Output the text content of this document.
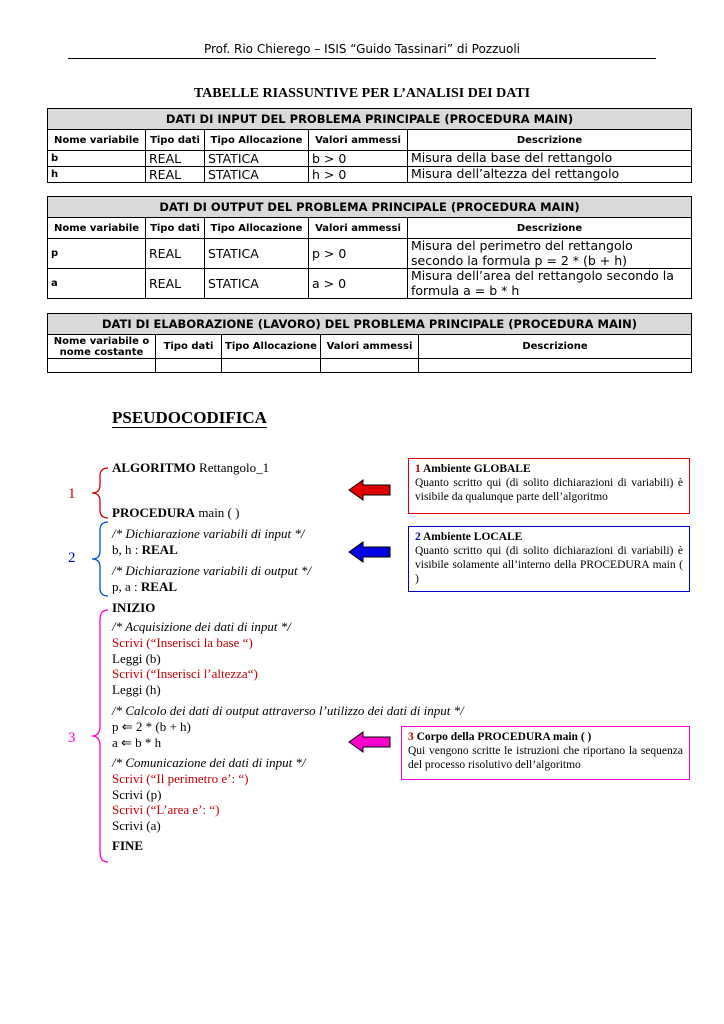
Prof. Rio Chierego – ISIS “Guido Tassinari” di Pozzuoli
TABELLE RIASSUNTIVE PER L’ANALISI DEI DATI
DATI DI INPUT DEL PROBLEMA PRINCIPALE (PROCEDURA MAIN)				
Nome variabile	Tipo dati	Tipo Allocazione	Valori ammessi	Descrizione
b	REAL	STATICA	b > 0	Misura della base del rettangolo
h	REAL	STATICA	h > 0	Misura dell’altezza del rettangolo
DATI DI OUTPUT DEL PROBLEMA PRINCIPALE (PROCEDURA MAIN)				
Nome variabile	Tipo dati	Tipo Allocazione	Valori ammessi	Descrizione
p	REAL	STATICA	p > 0	Misura del perimetro del rettangolo secondo la formula p = 2 * (b + h)
a	REAL	STATICA	a > 0	Misura dell’area del rettangolo secondo la formula a = b * h
DATI DI ELABORAZIONE (LAVORO) DEL PROBLEMA PRINCIPALE (PROCEDURA MAIN)				
Nome variabile o nome costante	Tipo dati	Tipo Allocazione	Valori ammessi	Descrizione

PSEUDOCODIFICA
ALGORITMO Rettangolo_1
PROCEDURA main ( )
/* Dichiarazione variabili di input */
b, h : REAL
/* Dichiarazione variabili di output */
p, a : REAL
INIZIO
/* Acquisizione dei dati di input */
Scrivi (“Inserisci la base “)
Leggi (b)
Scrivi (“Inserisci l’altezza“)
Leggi (h)
/* Calcolo dei dati di output attraverso l’utilizzo dei dati di input */
p ⇐ 2 * (b + h)
a ⇐ b * h
/* Comunicazione dei dati di input */
Scrivi (“Il perimetro e’: “)
Scrivi (p)
Scrivi (“L’area e’: “)
Scrivi (a)
FINE
1
2
3
1 Ambiente GLOBALE

Quanto scritto qui (di solito dichiarazioni di variabili) è visibile da qualunque parte dell’algoritmo

2 Ambiente LOCALE

Quanto scritto qui (di solito dichiarazioni di variabili) è visibile solamente all’interno della PROCEDURA main ( )

3 Corpo della PROCEDURA main ( )

Qui vengono scritte le istruzioni che riportano la sequenza del processo risolutivo dell’algoritmo
